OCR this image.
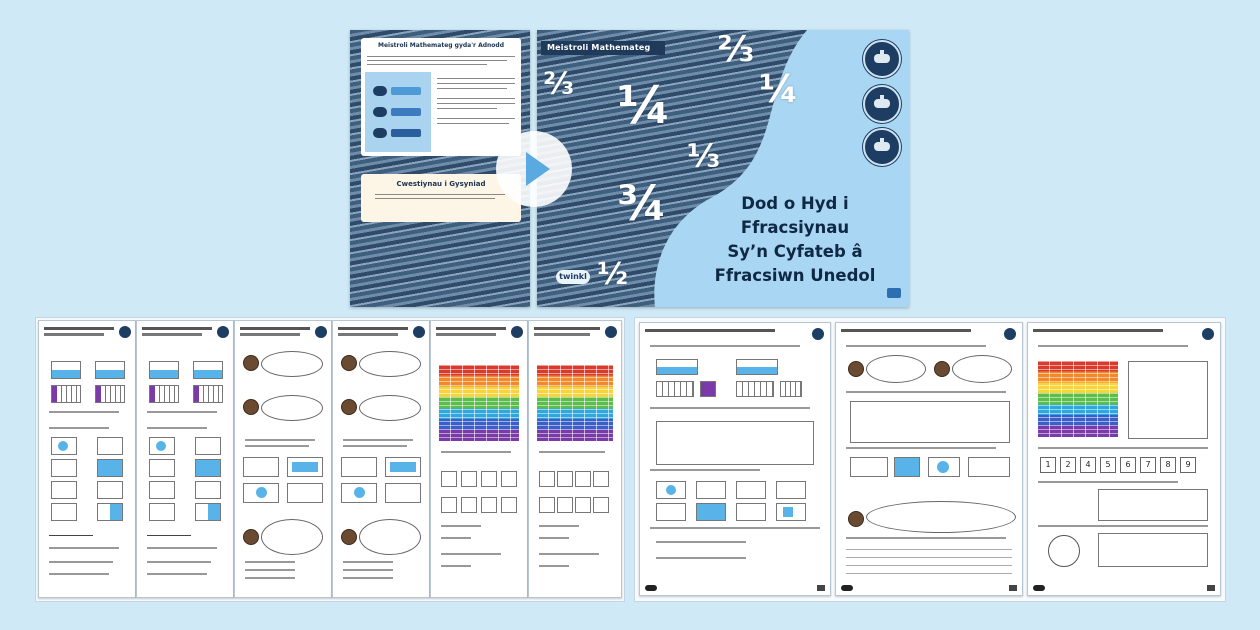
Meistroli Mathemateg gyda'r Adnodd
Cwestiynau i Gysyniad
⅔ ¼
⅔
⅓
¾
¼
½
Meistroli Mathemateg
Dod o Hyd i
Ffracsiynau
Sy’n Cyfateb â
Ffracsiwn Unedol
twinkl
1	2	4	5	6	7	8	9
